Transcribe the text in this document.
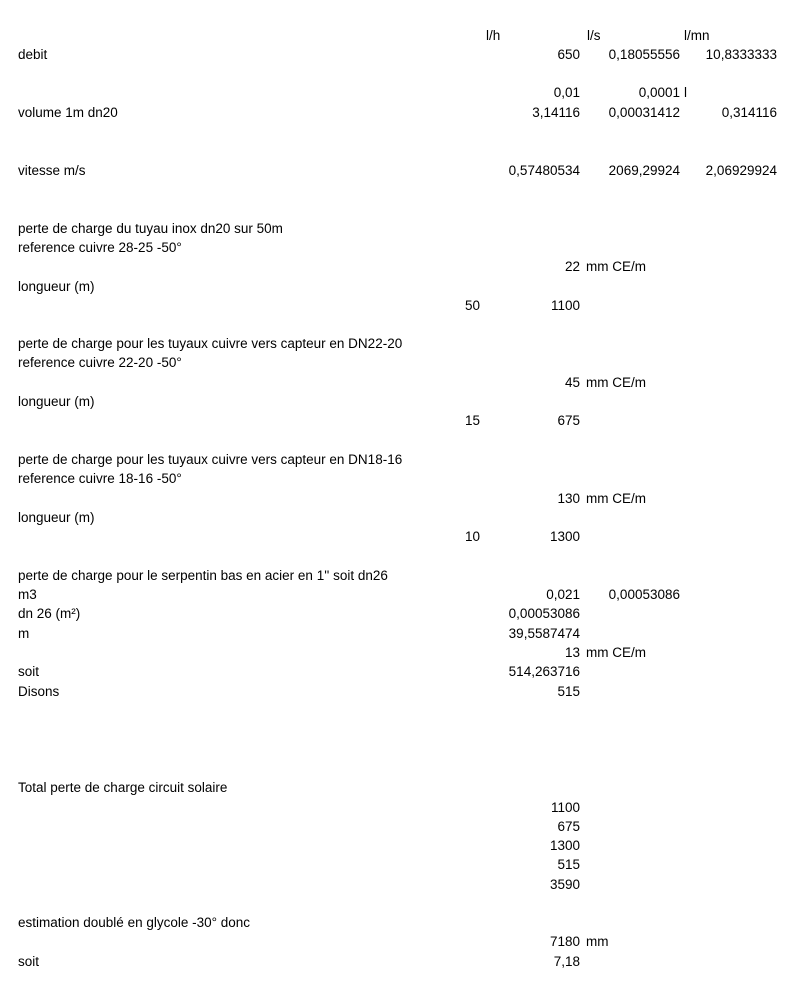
l/h	l/s	l/mn
debit	650	0,18055556	10,8333333
0,01	0,0001 l
volume 1m dn20	3,14116	0,00031412	0,314116
vitesse m/s	0,57480534	2069,29924	2,06929924
perte de charge du tuyau inox dn20 sur 50m
reference cuivre 28-25 -50°
22 mm CE/m
longueur (m)
50	1100
perte de charge pour les tuyaux cuivre vers capteur en DN22-20
reference cuivre 22-20 -50°
45 mm CE/m
longueur (m)
15	675
perte de charge pour les tuyaux cuivre vers capteur en DN18-16
reference cuivre 18-16 -50°
130 mm CE/m
longueur (m)
10	1300
perte de charge pour le serpentin bas en acier en 1'' soit dn26
m3	0,021	0,00053086
dn 26 (m²)	0,00053086
m	39,5587474
13 mm CE/m
soit	514,263716
Disons	515
Total perte de charge circuit solaire
1100
675
1300
515
3590
estimation doublé en glycole -30° donc
7180 mm
soit	7,18
